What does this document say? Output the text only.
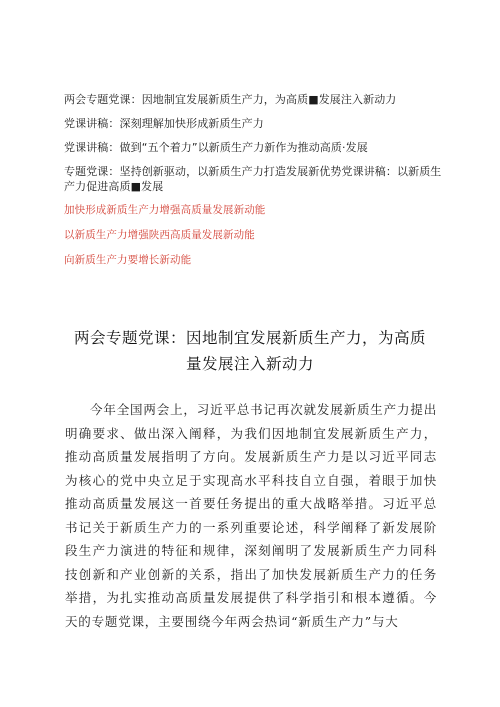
两会专题党课：因地制宜发展新质生产力，为高质■发展注入新动力
党课讲稿：深刻理解加快形成新质生产力
党课讲稿：做到“五个着力”以新质生产力新作为推动高质·发展
专题党课：坚持创新驱动，以新质生产力打造发展新优势党课讲稿：以新质生产力促进高质■发展
加快形成新质生产力增强高质量发展新动能
以新质生产力增强陕西高质量发展新动能
向新质生产力要增长新动能
两会专题党课：因地制宜发展新质生产力，为高质量发展注入新动力

今年全国两会上，习近平总书记再次就发展新质生产力提出明确要求、做出深入阐释，为我们因地制宜发展新质生产力，推动高质量发展指明了方向。发展新质生产力是以习近平同志为核心的党中央立足于实现高水平科技自立自强，着眼于加快推动高质量发展这一首要任务提出的重大战略举措。习近平总书记关于新质生产力的一系列重要论述，科学阐释了新发展阶段生产力演进的特征和规律，深刻阐明了发展新质生产力同科技创新和产业创新的关系，指出了加快发展新质生产力的任务举措，为扎实推动高质量发展提供了科学指引和根本遵循。今天的专题党课，主要围绕今年两会热词“新质生产力”与大
